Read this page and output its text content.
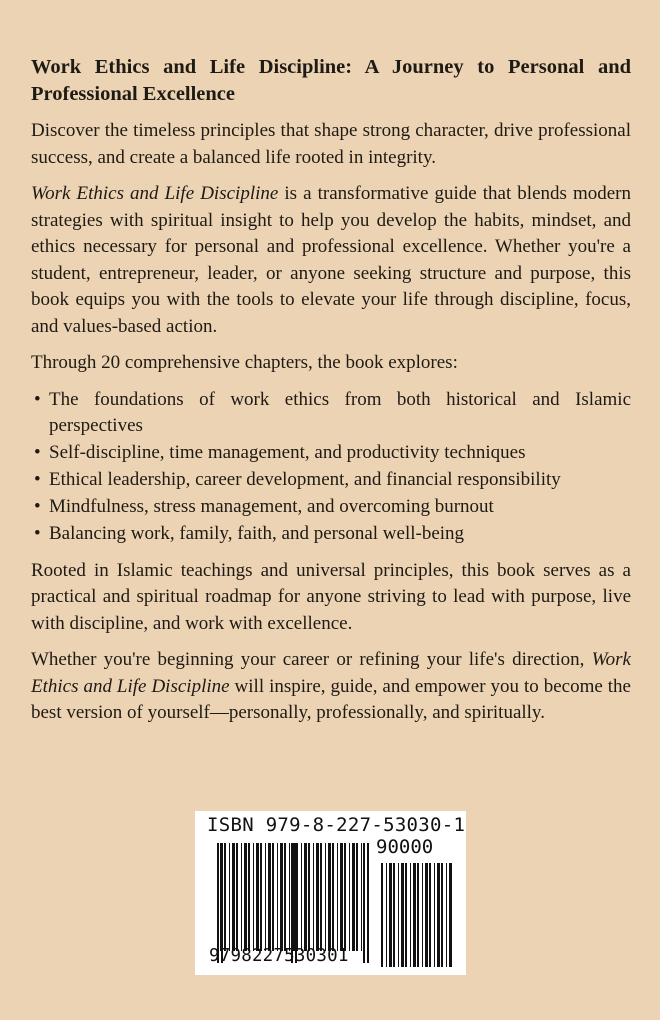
Work Ethics and Life Discipline: A Journey to Personal and Professional Excellence

Discover the timeless principles that shape strong character, drive professional success, and create a balanced life rooted in integrity.

Work Ethics and Life Discipline is a transformative guide that blends modern strategies with spiritual insight to help you develop the habits, mindset, and ethics necessary for personal and professional excellence. Whether you're a student, entrepreneur, leader, or anyone seeking structure and purpose, this book equips you with the tools to elevate your life through discipline, focus, and values-based action.

Through 20 comprehensive chapters, the book explores:

• The foundations of work ethics from both historical and Islamic perspectives
• Self-discipline, time management, and productivity techniques
• Ethical leadership, career development, and financial responsibility
• Mindfulness, stress management, and overcoming burnout
• Balancing work, family, faith, and personal well-being

Rooted in Islamic teachings and universal principles, this book serves as a practical and spiritual roadmap for anyone striving to lead with purpose, live with discipline, and work with excellence.

Whether you're beginning your career or refining your life's direction, Work Ethics and Life Discipline will inspire, guide, and empower you to become the best version of yourself—personally, professionally, and spiritually.

ISBN 979-8-227-53030-1
90000
9798227530301
